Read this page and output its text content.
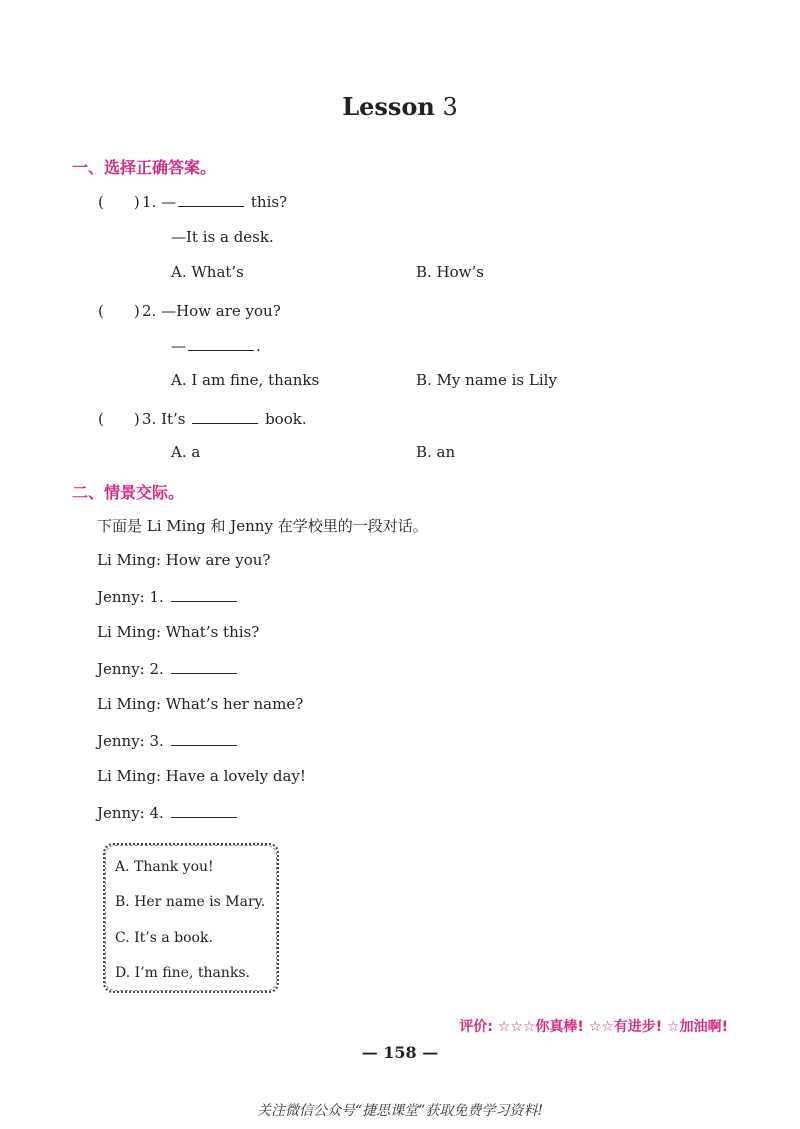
Lesson 3
一、选择正确答案。
(　　) 1. —	this?
—It is a desk.
A. What’s	B. How’s
(　　) 2. —How are you?
—	.
A. I am fine, thanks	B. My name is Lily
(　　) 3. It’s	book.
A. a	B. an
二、情景交际。
下面是 Li Ming 和 Jenny 在学校里的一段对话。
Li Ming: How are you?
Jenny: 1.
Li Ming: What’s this?
Jenny: 2.
Li Ming: What’s her name?
Jenny: 3.
Li Ming: Have a lovely day!
Jenny: 4.
A. Thank you!
B. Her name is Mary.
C. It’s a book.
D. I’m fine, thanks.
评价: ☆☆☆你真棒! ☆☆有进步! ☆加油啊!
— 158 —
关注微信公众号“捷思课堂”获取免费学习资料!
